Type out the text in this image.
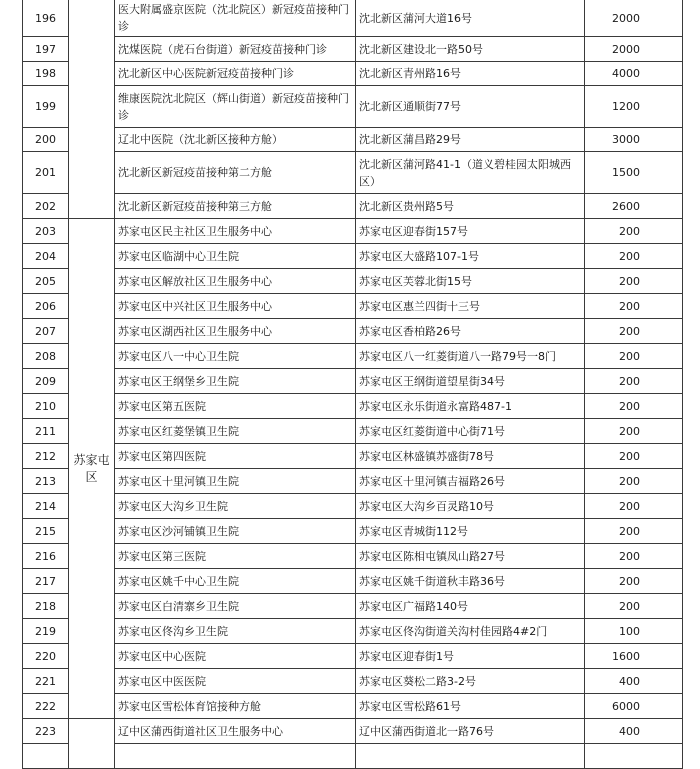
196		医大附属盛京医院（沈北院区）新冠疫苗接种门诊	沈北新区蒲河大道16号	2000
197		沈煤医院（虎石台街道）新冠疫苗接种门诊	沈北新区建设北一路50号	2000
198		沈北新区中心医院新冠疫苗接种门诊	沈北新区青州路16号	4000
199		维康医院沈北院区（辉山街道）新冠疫苗接种门诊	沈北新区通顺街77号	1200
200		辽北中医院（沈北新区接种方舱）	沈北新区蒲昌路29号	3000
201		沈北新区新冠疫苗接种第二方舱	沈北新区蒲河路41-1（道义碧桂园太阳城西区）	1500
202		沈北新区新冠疫苗接种第三方舱	沈北新区贵州路5号	2600
203	苏家屯区	苏家屯区民主社区卫生服务中心	苏家屯区迎春街157号	200
204		苏家屯区临湖中心卫生院	苏家屯区大盛路107-1号	200
205		苏家屯区解放社区卫生服务中心	苏家屯区芙蓉北街15号	200
206		苏家屯区中兴社区卫生服务中心	苏家屯区惠兰四街十三号	200
207		苏家屯区湖西社区卫生服务中心	苏家屯区香柏路26号	200
208		苏家屯区八一中心卫生院	苏家屯区八一红菱街道八一路79号一8门	200
209		苏家屯区王纲堡乡卫生院	苏家屯区王纲街道望星街34号	200
210		苏家屯区第五医院	苏家屯区永乐街道永富路487-1	200
211		苏家屯区红菱堡镇卫生院	苏家屯区红菱街道中心街71号	200
212		苏家屯区第四医院	苏家屯区林盛镇苏盛街78号	200
213		苏家屯区十里河镇卫生院	苏家屯区十里河镇吉福路26号	200
214		苏家屯区大沟乡卫生院	苏家屯区大沟乡百灵路10号	200
215		苏家屯区沙河铺镇卫生院	苏家屯区青城街112号	200
216		苏家屯区第三医院	苏家屯区陈相屯镇凤山路27号	200
217		苏家屯区姚千中心卫生院	苏家屯区姚千街道秋丰路36号	200
218		苏家屯区白清寨乡卫生院	苏家屯区广福路140号	200
219		苏家屯区佟沟乡卫生院	苏家屯区佟沟街道关沟村佳园路4#2门	100
220		苏家屯区中心医院	苏家屯区迎春街1号	1600
221		苏家屯区中医医院	苏家屯区葵松二路3-2号	400
222		苏家屯区雪松体育馆接种方舱	苏家屯区雪松路61号	6000
223		辽中区蒲西街道社区卫生服务中心	辽中区蒲西街道北一路76号	400
